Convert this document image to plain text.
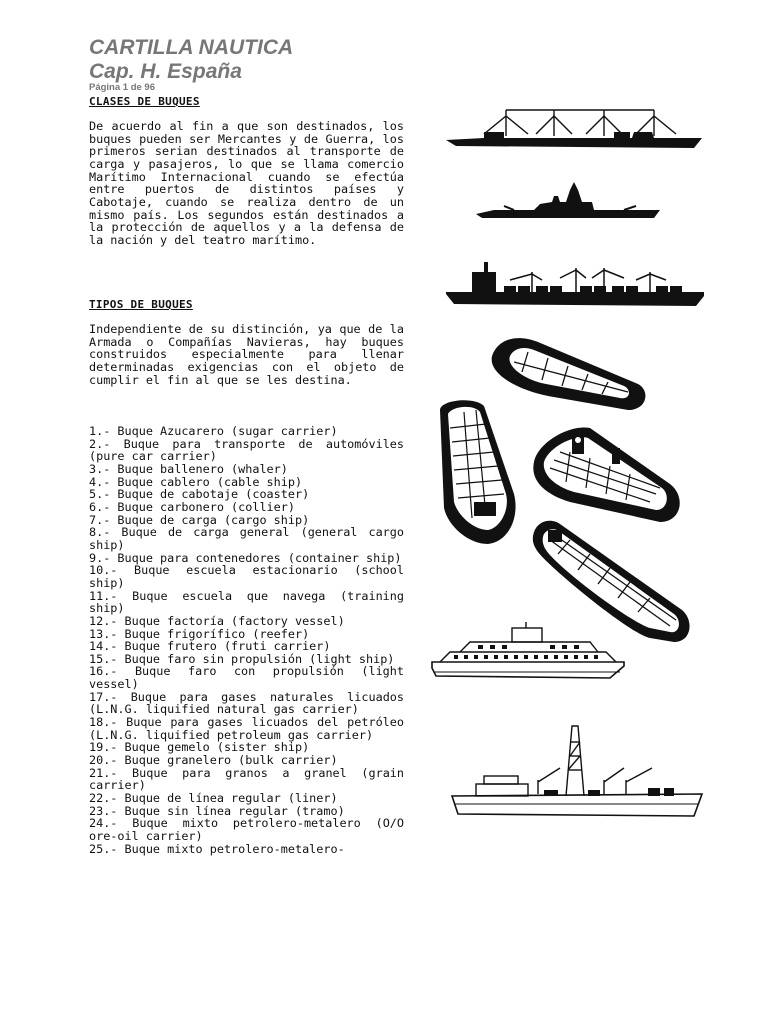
CARTILLA NAUTICA
Cap. H. España
Página 1 de 96
CLASES DE BUQUES

De acuerdo al fin a que son destinados, los buques pueden ser Mercantes y de Guerra, los primeros serian destinados al transporte de carga y pasajeros, lo que se llama comercio Marítimo Internacional cuando se efectúa entre puertos de distintos países y Cabotaje, cuando se realiza dentro de un mismo país. Los segundos están destinados a la protección de aquellos y a la defensa de la nación y del teatro marítimo.

TIPOS DE BUQUES

Independiente de su distinción, ya que de la Armada o Compañías Navieras, hay buques construidos especialmente para llenar determinadas exigencias con el objeto de cumplir el fin al que se les destina.

1.- Buque Azucarero (sugar carrier)
2.- Buque para transporte de automóviles (pure car carrier)
3.- Buque ballenero (whaler)
4.- Buque cablero (cable ship)
5.- Buque de cabotaje (coaster)
6.- Buque carbonero (collier)
7.- Buque de carga (cargo ship)
8.- Buque de carga general (general cargo ship)
9.- Buque para contenedores (container ship)
10.- Buque escuela estacionario (school ship)
11.- Buque escuela que navega (training ship)
12.- Buque factoría (factory vessel)
13.- Buque frigorífico (reefer)
14.- Buque frutero (fruti carrier)
15.- Buque faro sin propulsión (light ship)
16.- Buque faro con propulsión (light vessel)
17.- Buque para gases naturales licuados (L.N.G. liquified natural gas carrier)
18.- Buque para gases licuados del petróleo (L.N.G. liquified petroleum gas carrier)
19.- Buque gemelo (sister ship)
20.- Buque granelero (bulk carrier)
21.- Buque para granos a granel (grain carrier)
22.- Buque de línea regular (liner)
23.- Buque sin línea regular (tramo)
24.- Buque mixto petrolero-metalero (O/O ore-oil carrier)
25.- Buque mixto petrolero-metalero-
